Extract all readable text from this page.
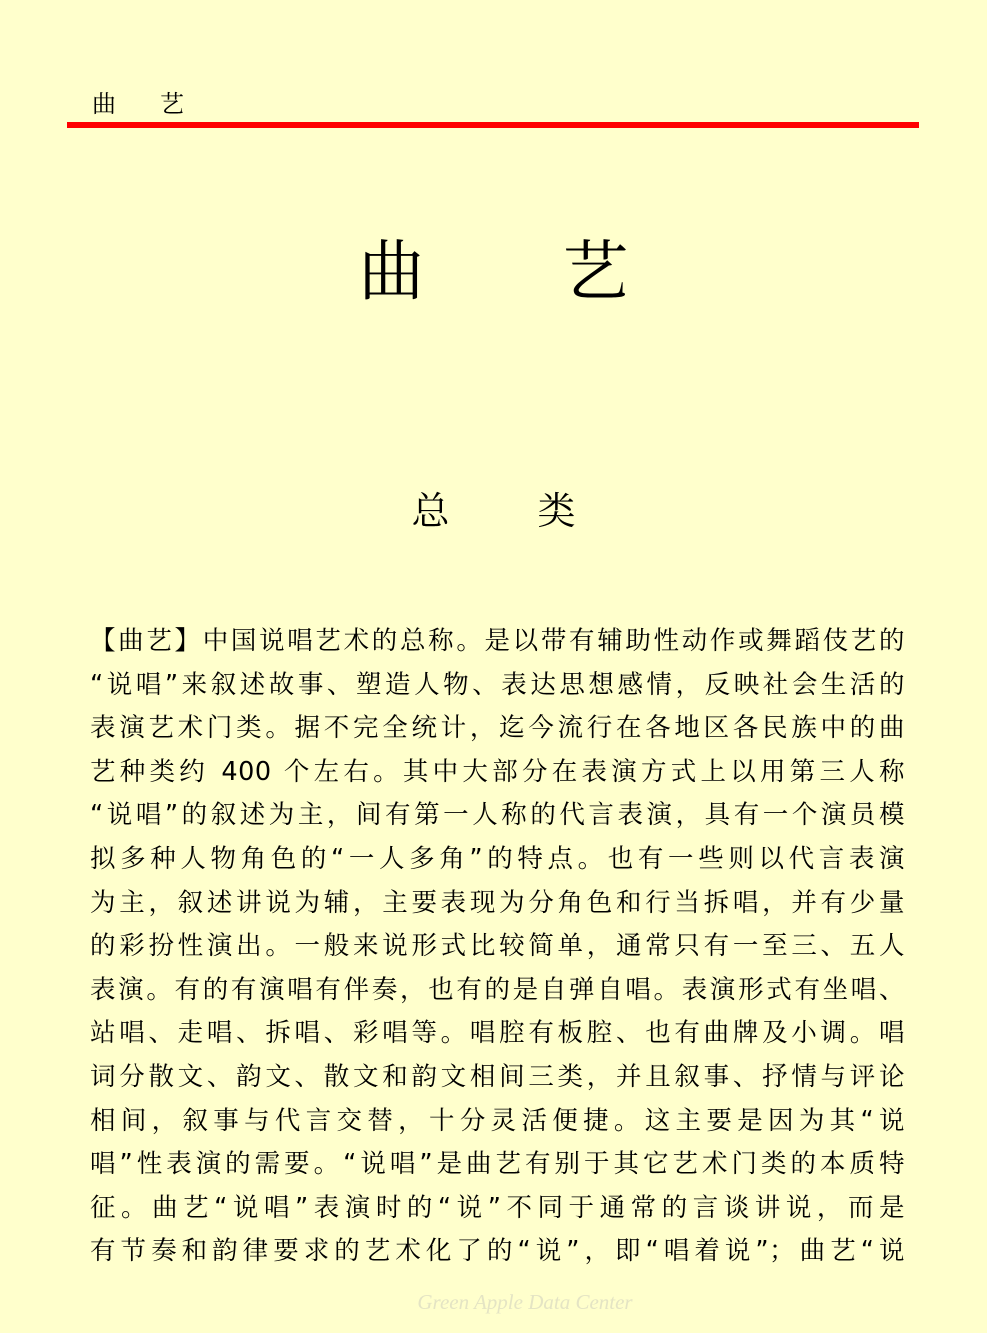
曲 艺
曲 艺
总 类
【曲艺】中国说唱艺术的总称。是以带有辅助性动作或舞蹈伎艺的
“说唱”来叙述故事、塑造人物、表达思想感情，反映社会生活的
表演艺术门类。据不完全统计，迄今流行在各地区各民族中的曲
艺种类约 400 个左右。其中大部分在表演方式上以用第三人称
“说唱”的叙述为主，间有第一人称的代言表演，具有一个演员模
拟多种人物角色的“一人多角”的特点。也有一些则以代言表演
为主，叙述讲说为辅，主要表现为分角色和行当拆唱，并有少量
的彩扮性演出。一般来说形式比较简单，通常只有一至三、五人
表演。有的有演唱有伴奏，也有的是自弹自唱。表演形式有坐唱、
站唱、走唱、拆唱、彩唱等。唱腔有板腔、也有曲牌及小调。唱
词分散文、韵文、散文和韵文相间三类，并且叙事、抒情与评论
相间，叙事与代言交替，十分灵活便捷。这主要是因为其“说
唱”性表演的需要。“说唱”是曲艺有别于其它艺术门类的本质特
征。曲艺“说唱”表演时的“说”不同于通常的言谈讲说，而是
有节奏和韵律要求的艺术化了的“说”，即“唱着说”；曲艺“说
Green Apple Data Center
